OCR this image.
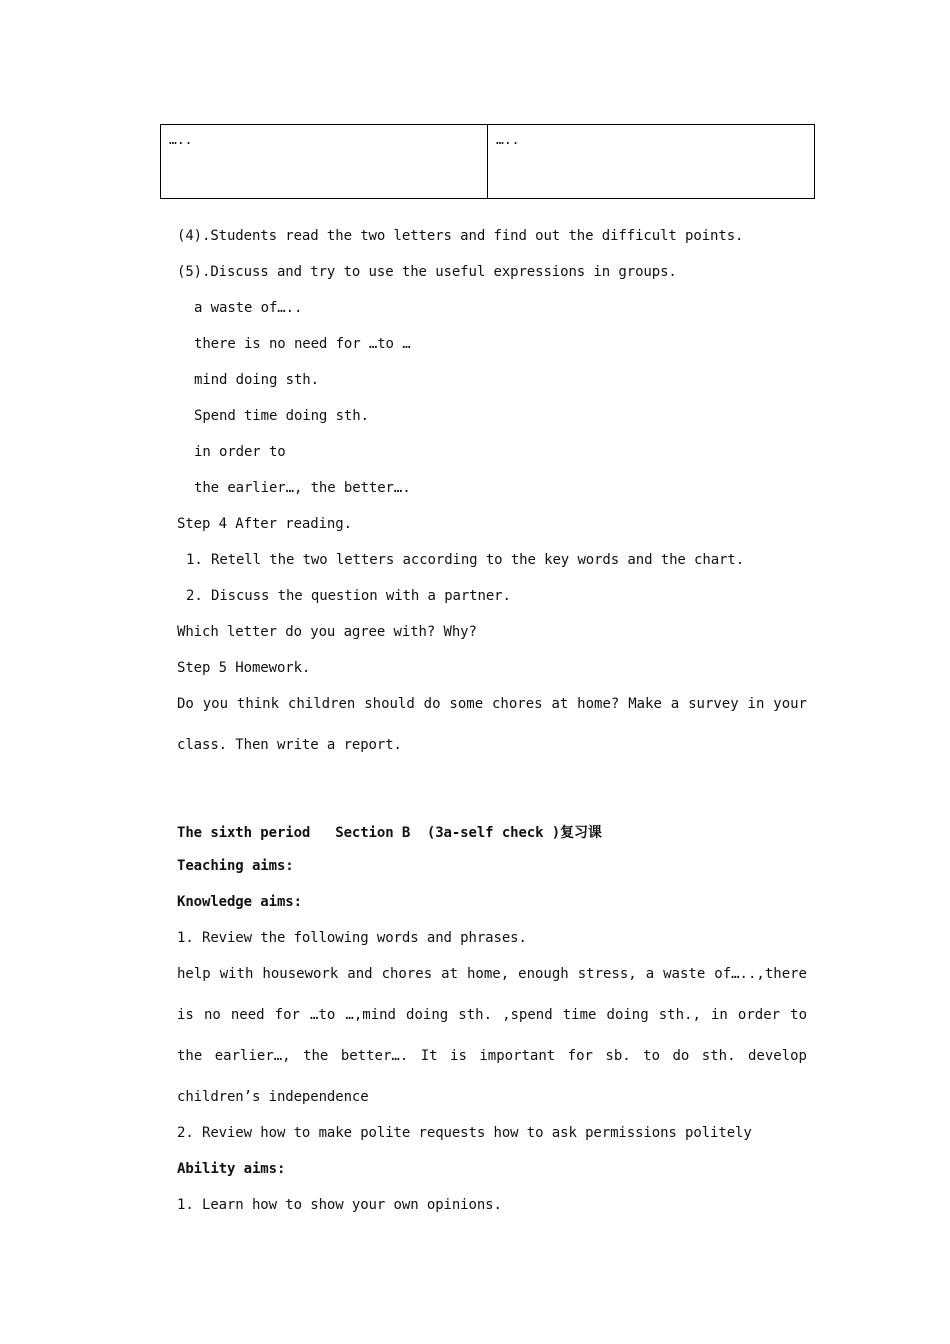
…..	…..
(4).Students read the two letters and find out the difficult points.
(5).Discuss and try to use the useful expressions in groups.
a waste of…..
there is no need for …to …
mind doing sth.
Spend time doing sth.
in order to
the earlier…, the better….
Step 4 After reading.
1. Retell the two letters according to the key words and the chart.
2. Discuss the question with a partner.
Which letter do you agree with? Why?
Step 5 Homework.
Do you think children should do some chores at home? Make a survey in your
class. Then write a report.
The sixth period   Section B  (3a-self check )复习课
Teaching aims:
Knowledge aims:
1. Review the following words and phrases.
help with housework and chores at home, enough stress, a waste of…..,there
is no need for …to …,mind doing sth. ,spend time doing sth., in order to
the earlier…, the better…. It is important for sb. to do sth. develop
children’s independence
2. Review how to make polite requests how to ask permissions politely
Ability aims:
1. Learn how to show your own opinions.
